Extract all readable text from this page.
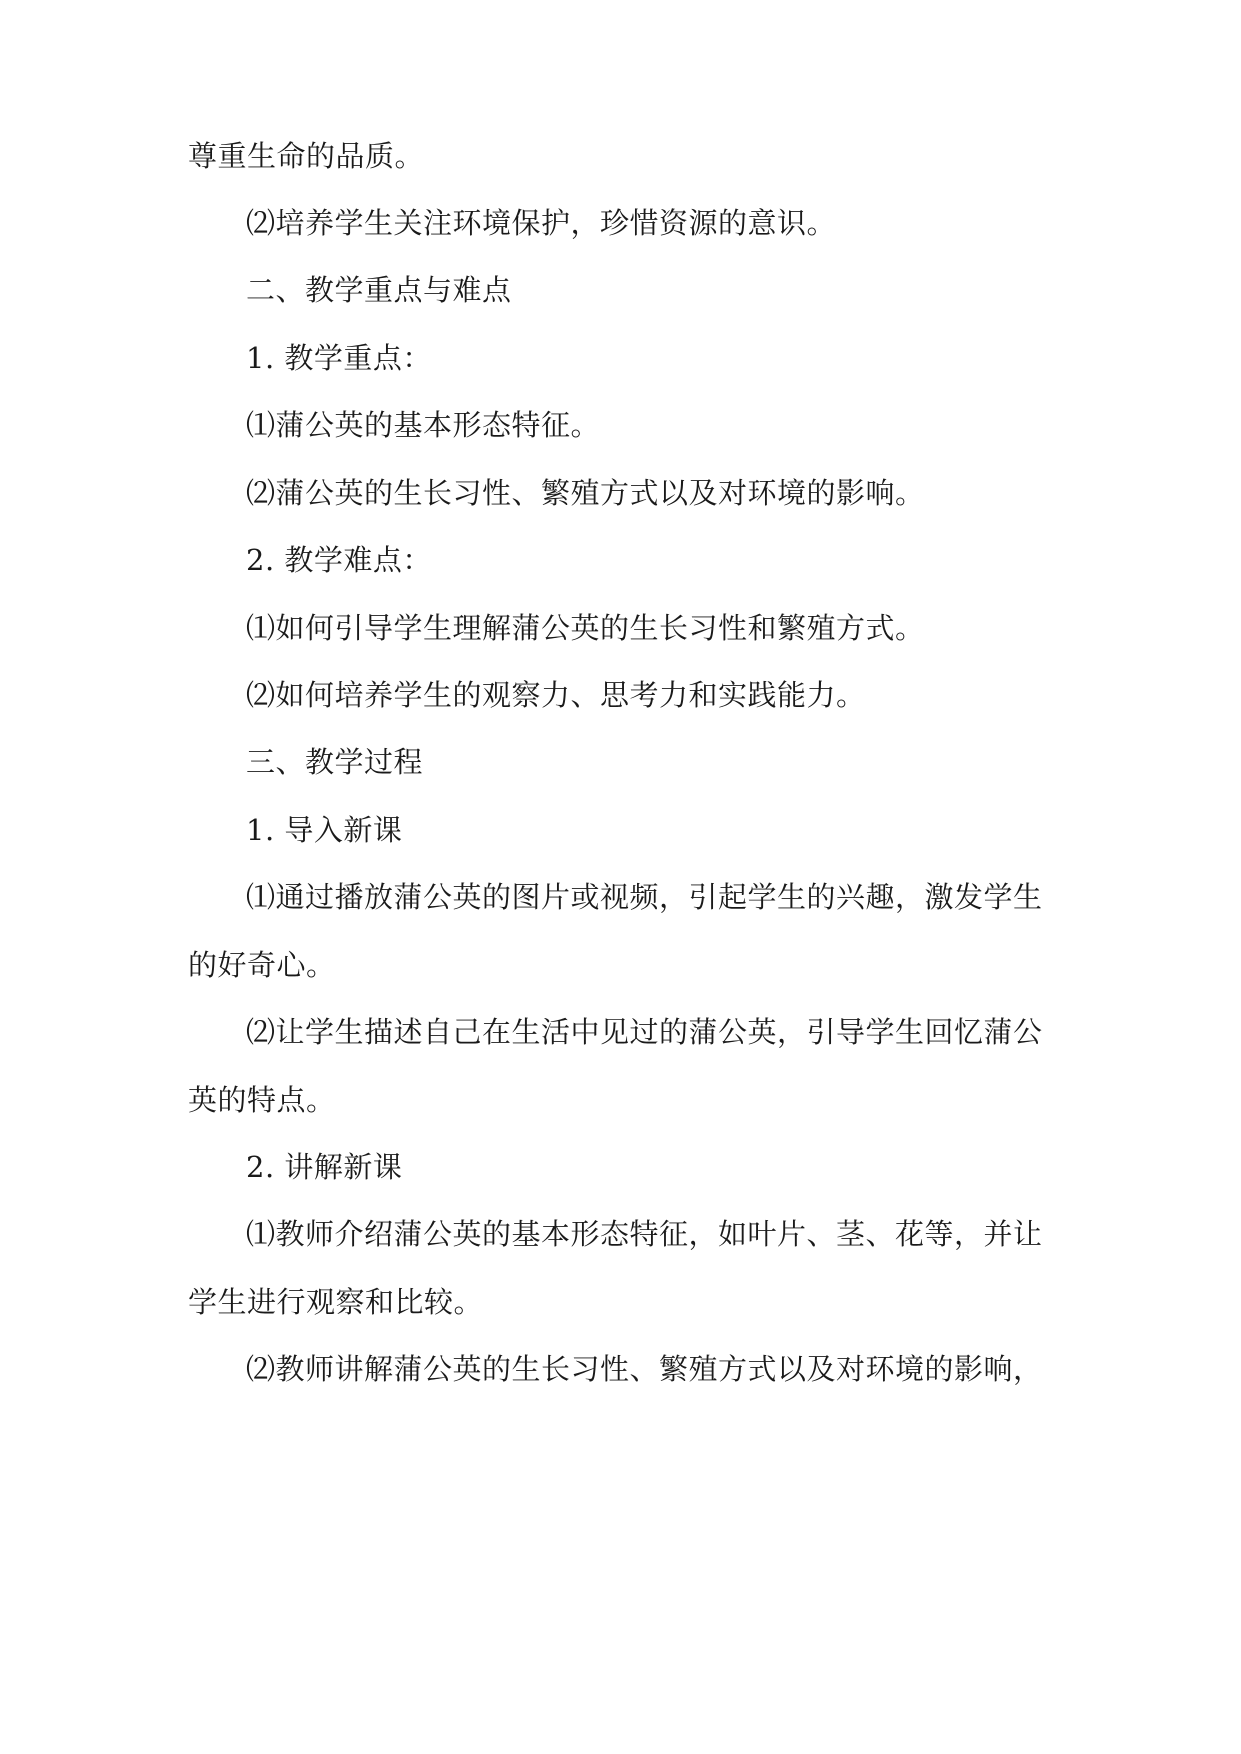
尊重生命的品质。
⑵培养学生关注环境保护，珍惜资源的意识。
二、教学重点与难点
1. 教学重点：
⑴蒲公英的基本形态特征。
⑵蒲公英的生长习性、繁殖方式以及对环境的影响。
2. 教学难点：
⑴如何引导学生理解蒲公英的生长习性和繁殖方式。
⑵如何培养学生的观察力、思考力和实践能力。
三、教学过程
1. 导入新课
⑴通过播放蒲公英的图片或视频，引起学生的兴趣，激发学生
的好奇心。
⑵让学生描述自己在生活中见过的蒲公英，引导学生回忆蒲公
英的特点。
2. 讲解新课
⑴教师介绍蒲公英的基本形态特征，如叶片、茎、花等，并让
学生进行观察和比较。
⑵教师讲解蒲公英的生长习性、繁殖方式以及对环境的影响，
